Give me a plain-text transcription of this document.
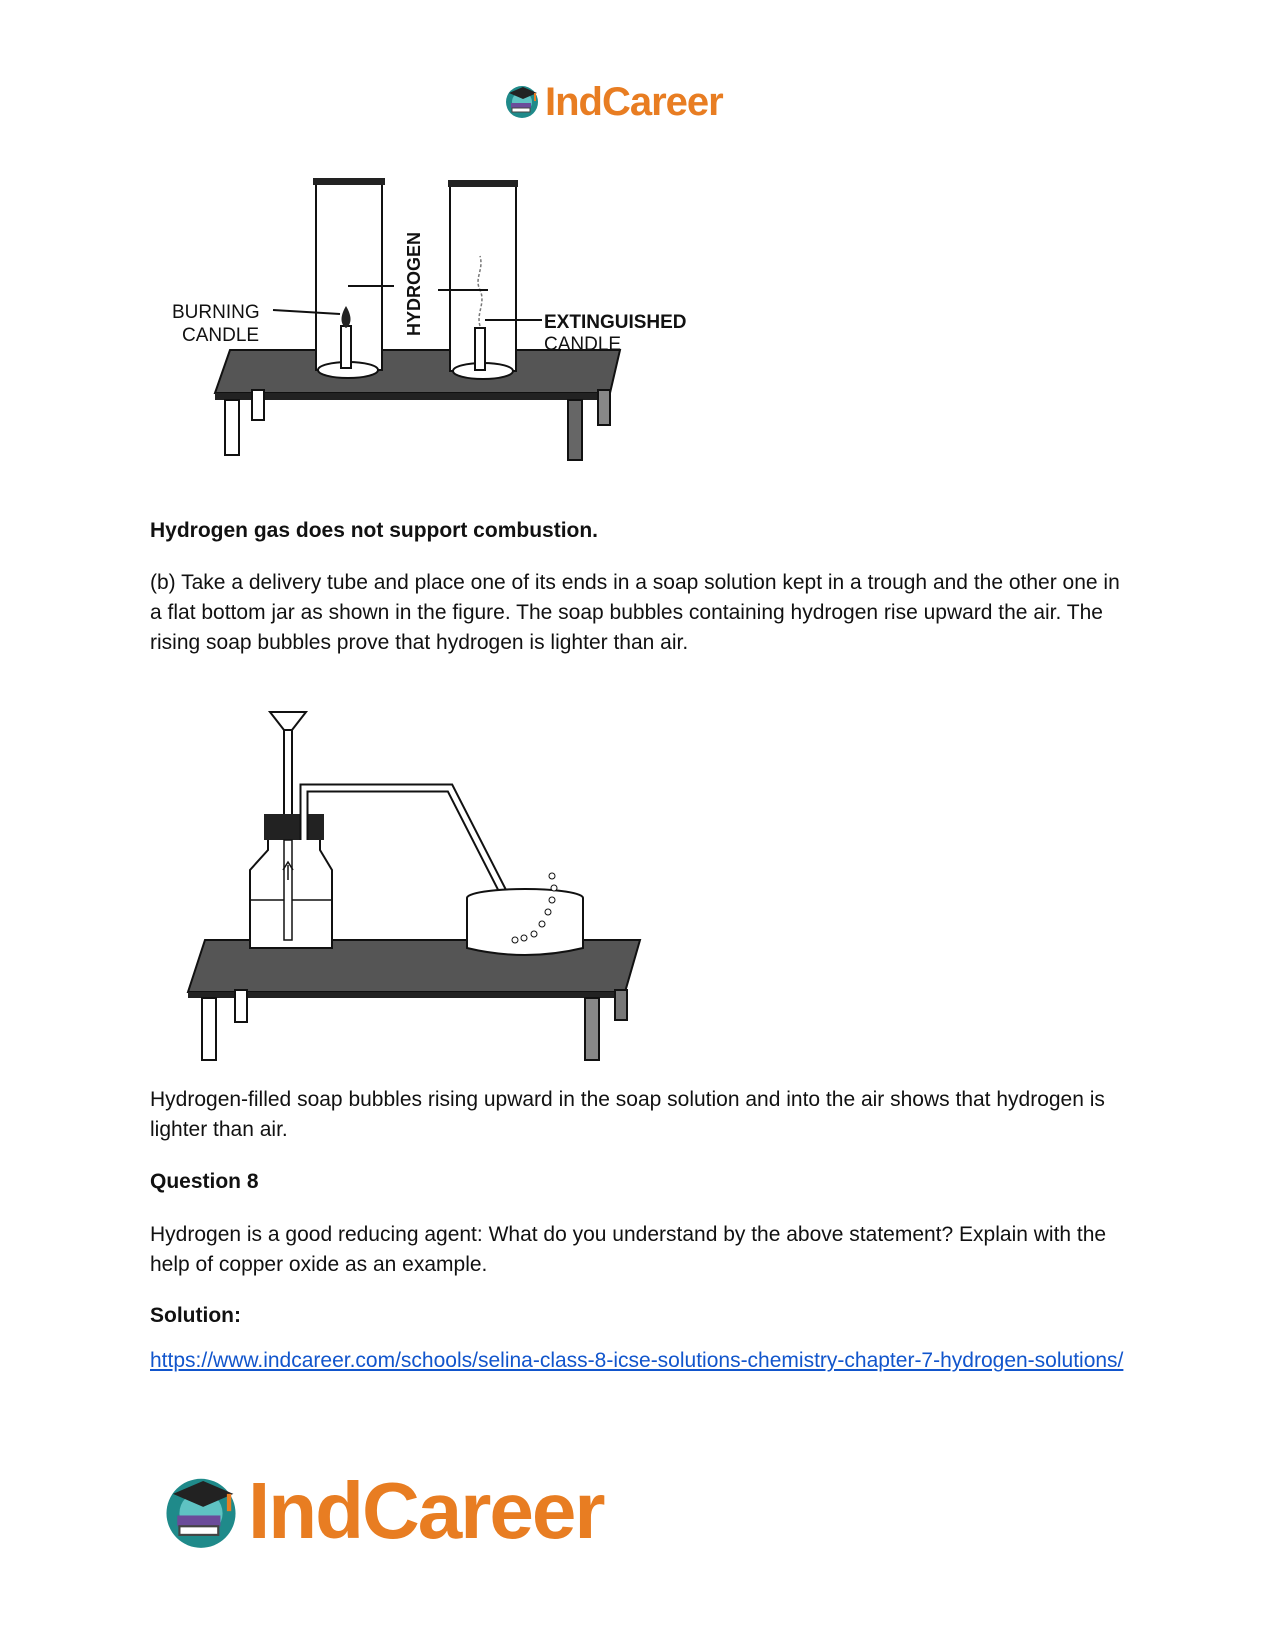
IndCareer
BURNING
CANDLE	HYDROGEN	EXTINGUISHED
CANDLE

Hydrogen gas does not support combustion.

(b) Take a delivery tube and place one of its ends in a soap solution kept in a trough and the other one in a flat bottom jar as shown in the figure. The soap bubbles containing hydrogen rise upward the air. The rising soap bubbles prove that hydrogen is lighter than air.

Hydrogen-filled soap bubbles rising upward in the soap solution and into the air shows that hydrogen is lighter than air.

Question 8

Hydrogen is a good reducing agent: What do you understand by the above statement? Explain with the help of copper oxide as an example.

Solution:

https://www.indcareer.com/schools/selina-class-8-icse-solutions-chemistry-chapter-7-hydrogen-solutions/

IndCareer
